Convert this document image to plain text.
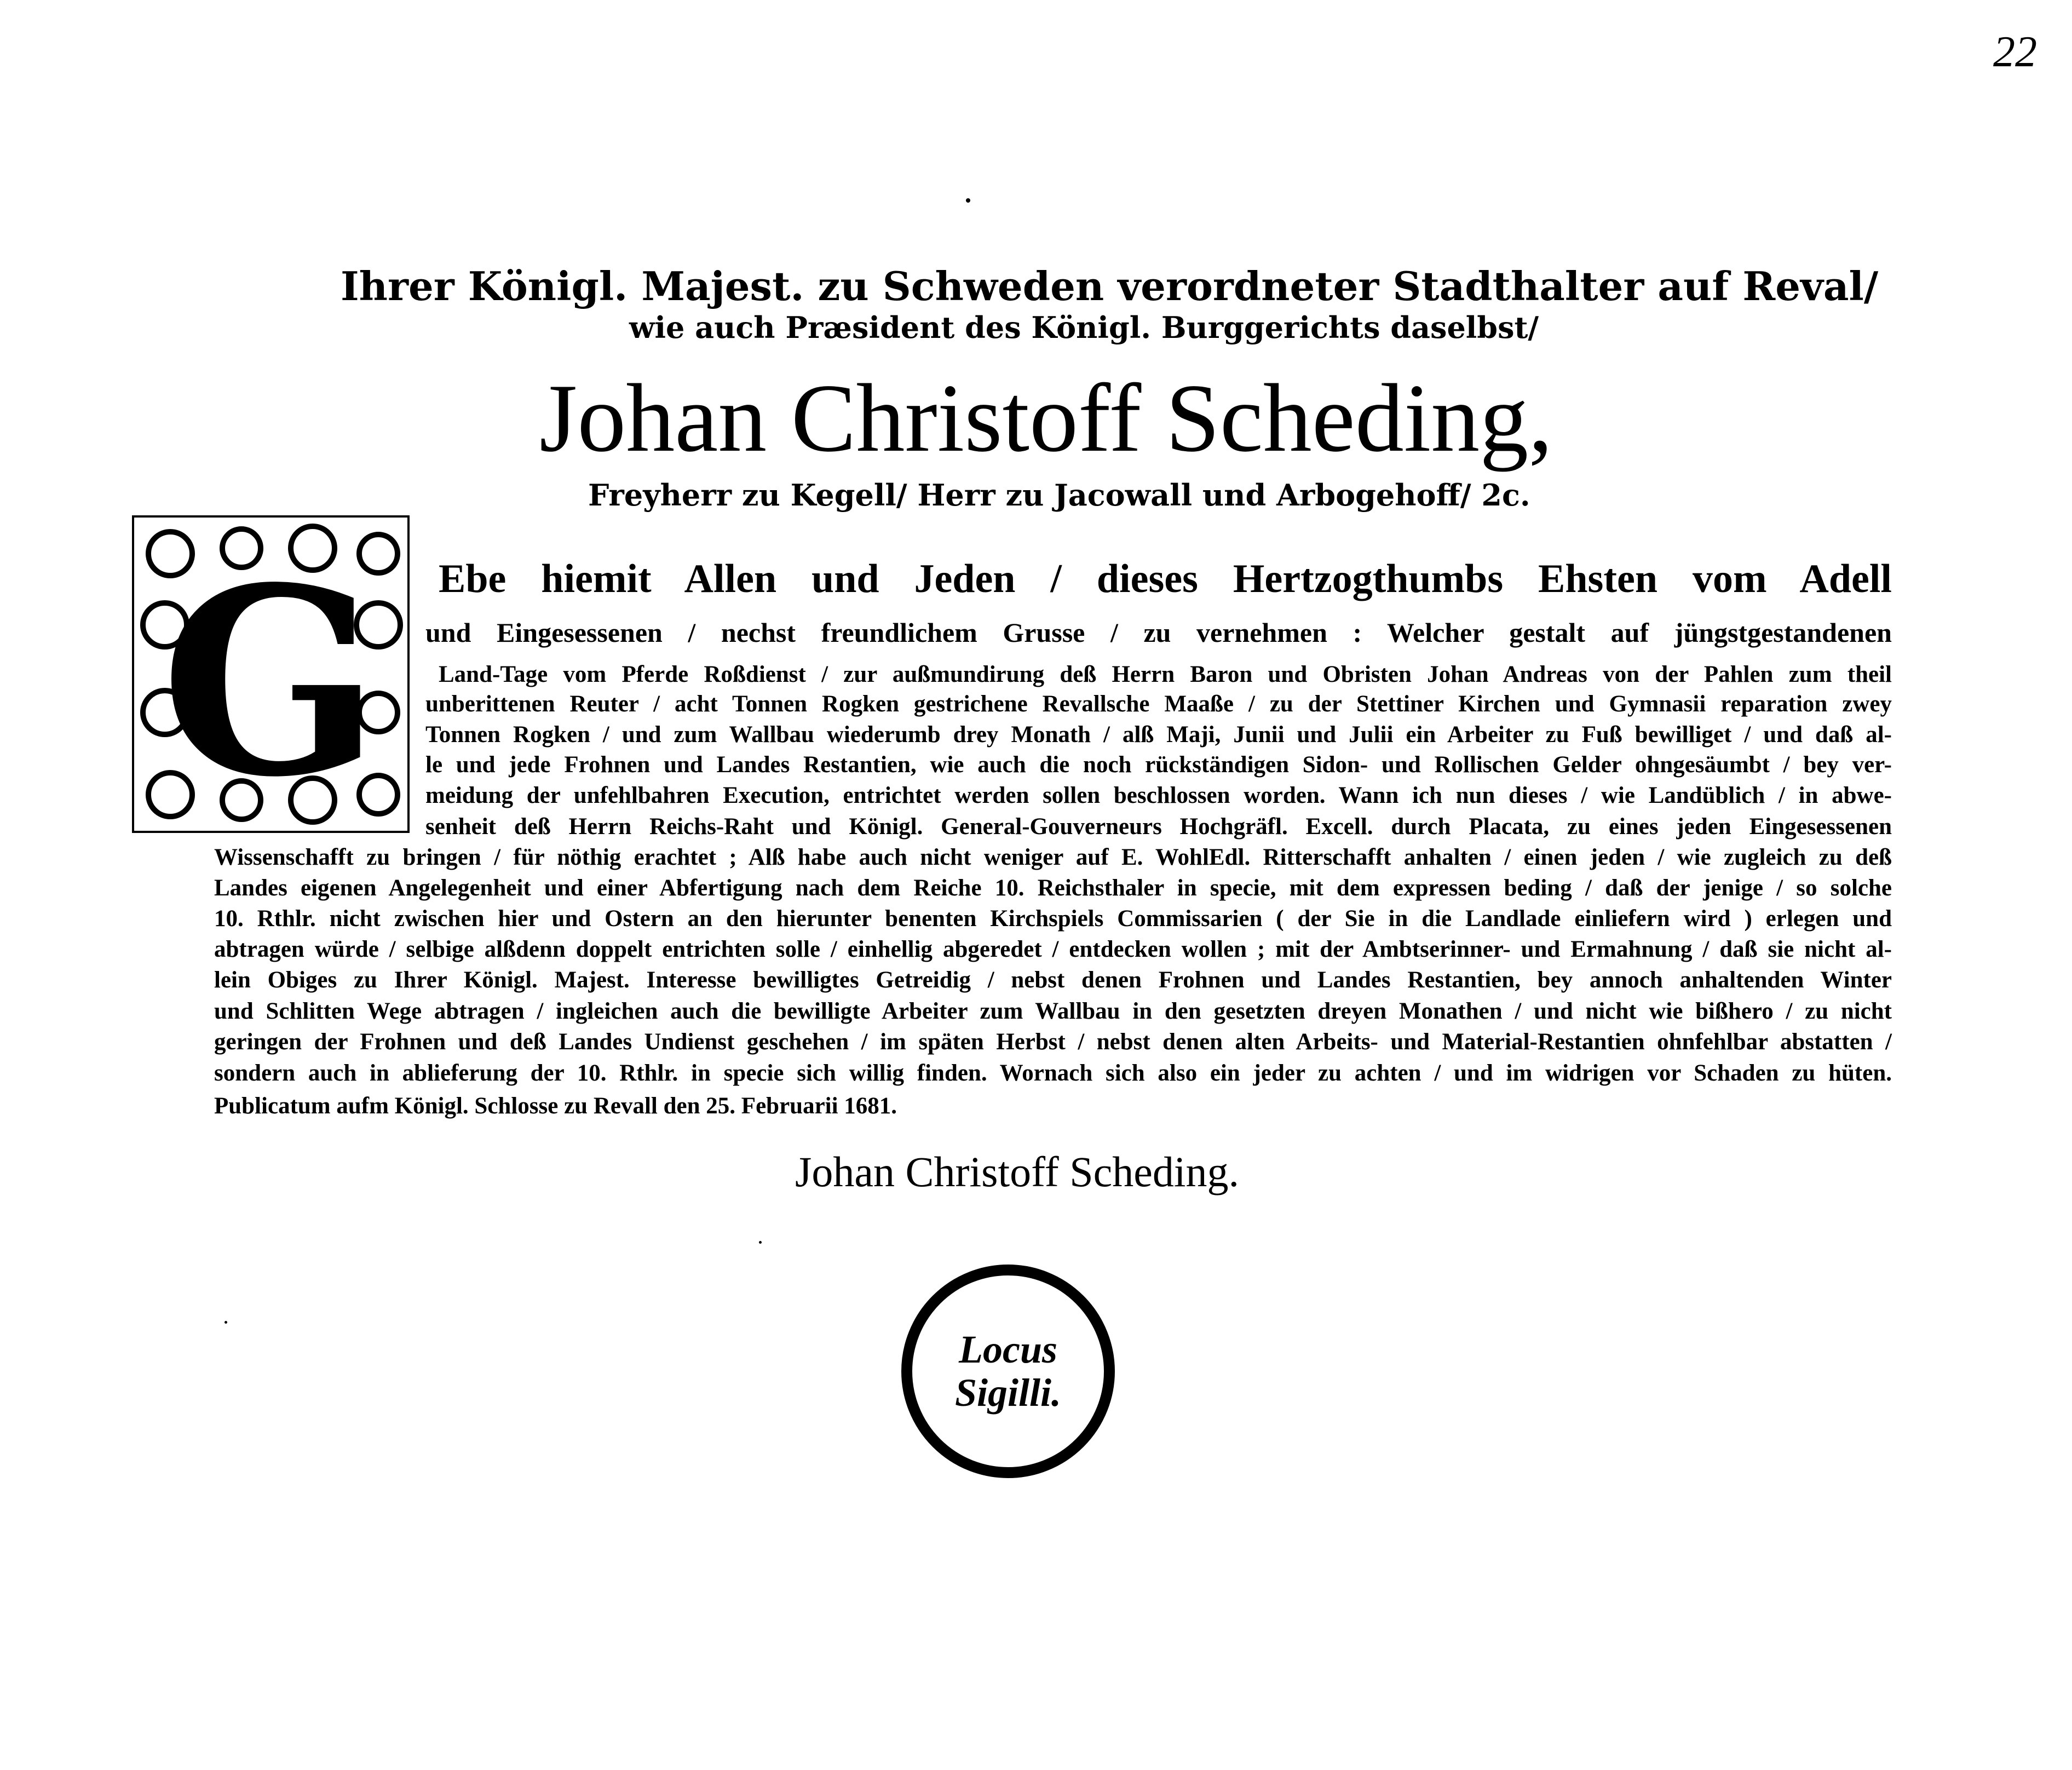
22
Ihrer Königl. Majest. zu Schweden verordneter Stadthalter auf Reval/
wie auch Præsident des Königl. Burggerichts daselbst/
Johan Christoff Scheding,
Freyherr zu Kegell/ Herr zu Jacowall und Arbogehoff/ 2c.
G Ebe hiemit Allen und Jeden / dieses Hertzogthumbs Ehsten vom Adell
und Eingesessenen / nechst freundlichem Grusse / zu vernehmen : Welcher gestalt auf jüngstgestandenen
Land-Tage vom Pferde Roßdienst / zur außmundirung deß Herrn Baron und Obristen Johan Andreas von der Pahlen zum theil
unberittenen Reuter / acht Tonnen Rogken gestrichene Revallsche Maaße / zu der Stettiner Kirchen und Gymnasii reparation zwey
Tonnen Rogken / und zum Wallbau wiederumb drey Monath / alß Maji, Junii und Julii ein Arbeiter zu Fuß bewilliget / und daß al-
le und jede Frohnen und Landes Restantien, wie auch die noch rückständigen Sidon- und Rollischen Gelder ohngesäumbt / bey ver-
meidung der unfehlbahren Execution, entrichtet werden sollen beschlossen worden. Wann ich nun dieses / wie Landüblich / in abwe-
senheit deß Herrn Reichs-Raht und Königl. General-Gouverneurs Hochgräfl. Excell. durch Placata, zu eines jeden Eingesessenen
Wissenschafft zu bringen / für nöthig erachtet ; Alß habe auch nicht weniger auf E. WohlEdl. Ritterschafft anhalten / einen jeden / wie zugleich zu deß
Landes eigenen Angelegenheit und einer Abfertigung nach dem Reiche 10. Reichsthaler in specie, mit dem expressen beding / daß der jenige / so solche
10. Rthlr. nicht zwischen hier und Ostern an den hierunter benenten Kirchspiels Commissarien ( der Sie in die Landlade einliefern wird ) erlegen und
abtragen würde / selbige alßdenn doppelt entrichten solle / einhellig abgeredet / entdecken wollen ; mit der Ambtserinner- und Ermahnung / daß sie nicht al-
lein Obiges zu Ihrer Königl. Majest. Interesse bewilligtes Getreidig / nebst denen Frohnen und Landes Restantien, bey annoch anhaltenden Winter
und Schlitten Wege abtragen / ingleichen auch die bewilligte Arbeiter zum Wallbau in den gesetzten dreyen Monathen / und nicht wie bißhero / zu nicht
geringen der Frohnen und deß Landes Undienst geschehen / im späten Herbst / nebst denen alten Arbeits- und Material-Restantien ohnfehlbar abstatten /
sondern auch in ablieferung der 10. Rthlr. in specie sich willig finden. Wornach sich also ein jeder zu achten / und im widrigen vor Schaden zu hüten.
Publicatum aufm Königl. Schlosse zu Revall den 25. Februarii 1681.
Johan Christoff Scheding.
Locus
Sigilli.
